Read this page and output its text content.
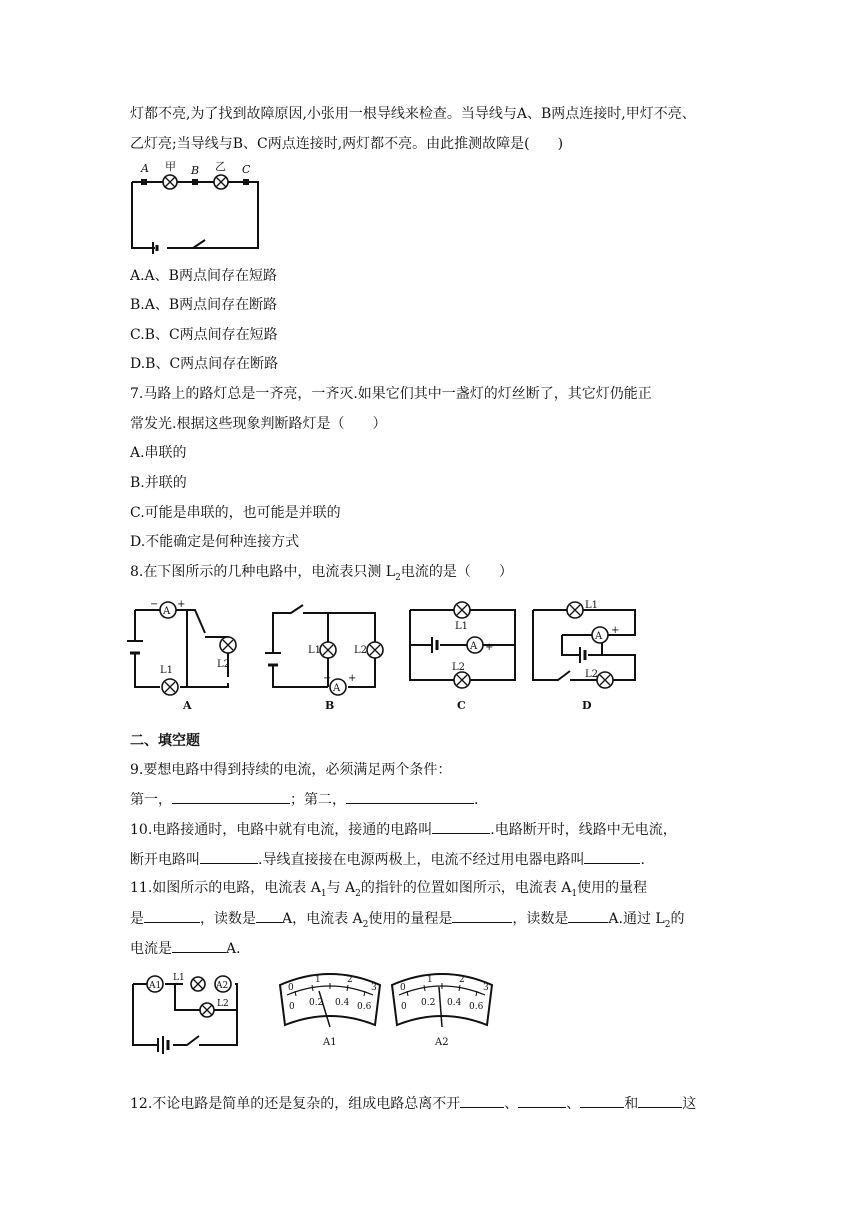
灯都不亮,为了找到故障原因,小张用一根导线来检查。当导线与A、B两点连接时,甲灯不亮、
乙灯亮;当导线与B、C两点连接时,两灯都不亮。由此推测故障是(　　)
A 甲 B 乙 C
A.A、B两点间存在短路
B.A、B两点间存在断路
C.B、C两点间存在短路
D.B、C两点间存在断路
7.马路上的路灯总是一齐亮，一齐灭.如果它们其中一盏灯的灯丝断了，其它灯仍能正
常发光.根据这些现象判断路灯是（　　）
A.串联的
B.并联的
C.可能是串联的，也可能是并联的
D.不能确定是何种连接方式
8.在下图所示的几种电路中，电流表只测 $L_2$电流的是（　　）
A
+
−
L2
L1
A
L1	L2
A
+
−
B
L1
A +
L2
C
L1
A
+
L2
D
二、填空题
9.要想电路中得到持续的电流，必须满足两个条件：
第一，	；第二，	.
10.电路接通时，电路中就有电流，接通的电路叫	.电路断开时，线路中无电流，
断开电路叫	.导线直接接在电源两极上，电流不经过用电器电路叫	.
11.如图所示的电路，电流表 $A_1$与 $A_2$的指针的位置如图所示，电流表 $A_1$使用的量程
是	，读数是 A，电流表 $A_2$使用的量程是	，读数是	A.通过 $L_2$的
电流是	A.
A1
L1
A2
L2
0
1	2
3
0 0.2 0.4 0.6
A1
0
1	2
3
0 0.2 0.4 0.6
A2
12.不论电路是简单的还是复杂的，组成电路总离不开	、	、	和	这
